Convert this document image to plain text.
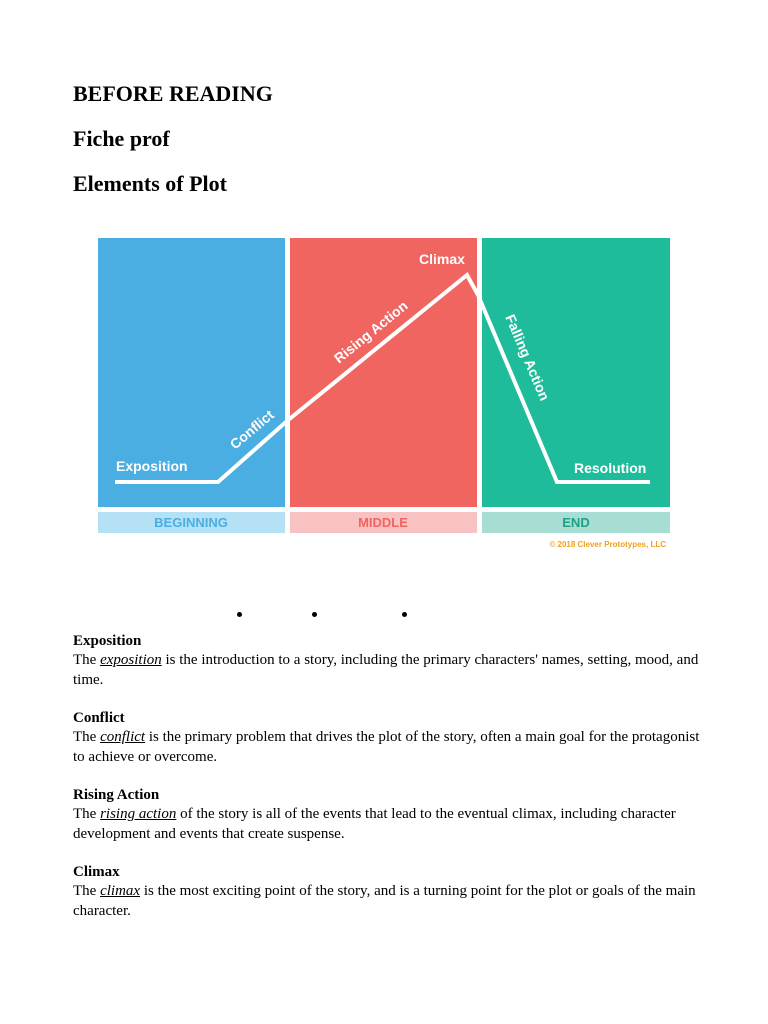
BEFORE READING
Fiche prof
Elements of Plot
Exposition
Conflict
Rising Action
Climax
Falling Action
Resolution
BEGINNING	MIDDLE	END
© 2018 Clever Prototypes, LLC

Exposition

The exposition is the introduction to a story, including the primary characters' names, setting, mood, and time.

Conflict

The conflict is the primary problem that drives the plot of the story, often a main goal for the protagonist to achieve or overcome.

Rising Action

The rising action of the story is all of the events that lead to the eventual climax, including character development and events that create suspense.

Climax

The climax is the most exciting point of the story, and is a turning point for the plot or goals of the main character.
